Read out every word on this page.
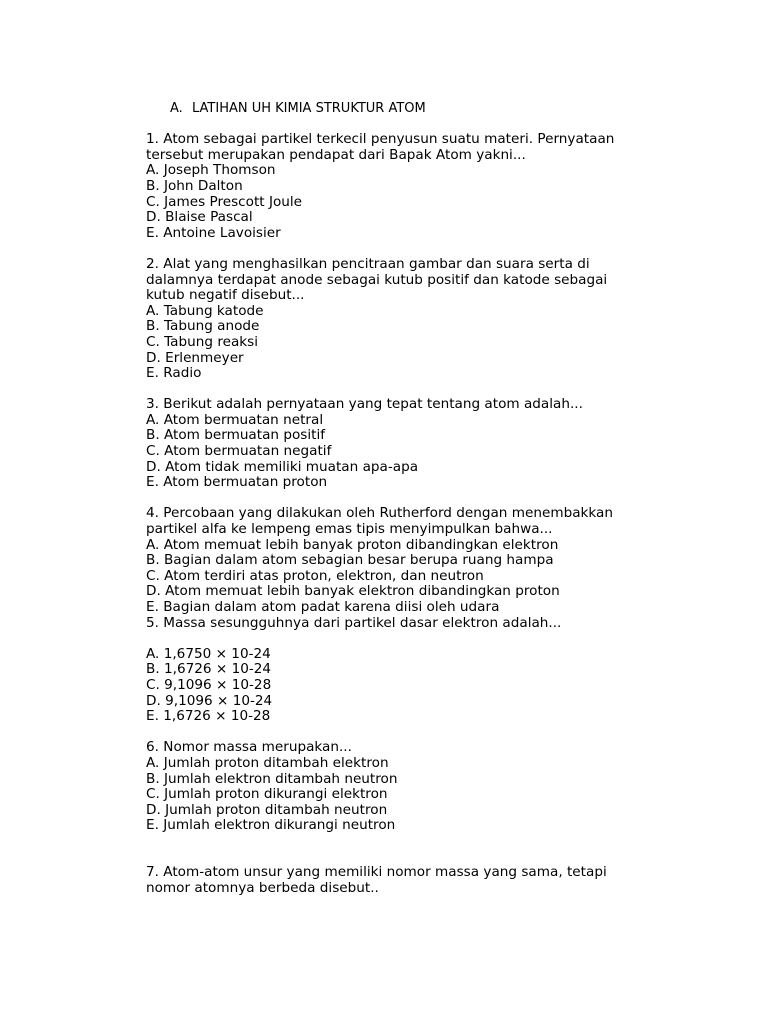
A. LATIHAN UH KIMIA STRUKTUR ATOM

1. Atom sebagai partikel terkecil penyusun suatu materi. Pernyataan tersebut merupakan pendapat dari Bapak Atom yakni...

A. Joseph Thomson

B. John Dalton

C. James Prescott Joule

D. Blaise Pascal

E. Antoine Lavoisier

2. Alat yang menghasilkan pencitraan gambar dan suara serta di dalamnya terdapat anode sebagai kutub positif dan katode sebagai kutub negatif disebut...

A. Tabung katode

B. Tabung anode

C. Tabung reaksi

D. Erlenmeyer

E. Radio

3. Berikut adalah pernyataan yang tepat tentang atom adalah...

A. Atom bermuatan netral

B. Atom bermuatan positif

C. Atom bermuatan negatif

D. Atom tidak memiliki muatan apa-apa

E. Atom bermuatan proton

4. Percobaan yang dilakukan oleh Rutherford dengan menembakkan partikel alfa ke lempeng emas tipis menyimpulkan bahwa...

A. Atom memuat lebih banyak proton dibandingkan elektron

B. Bagian dalam atom sebagian besar berupa ruang hampa

C. Atom terdiri atas proton, elektron, dan neutron

D. Atom memuat lebih banyak elektron dibandingkan proton

E. Bagian dalam atom padat karena diisi oleh udara

5. Massa sesungguhnya dari partikel dasar elektron adalah...

A. 1,6750 × 10-24

B. 1,6726 × 10-24

C. 9,1096 × 10-28

D. 9,1096 × 10-24

E. 1,6726 × 10-28

6. Nomor massa merupakan...

A. Jumlah proton ditambah elektron

B. Jumlah elektron ditambah neutron

C. Jumlah proton dikurangi elektron

D. Jumlah proton ditambah neutron

E. Jumlah elektron dikurangi neutron

7. Atom-atom unsur yang memiliki nomor massa yang sama, tetapi nomor atomnya berbeda disebut..
